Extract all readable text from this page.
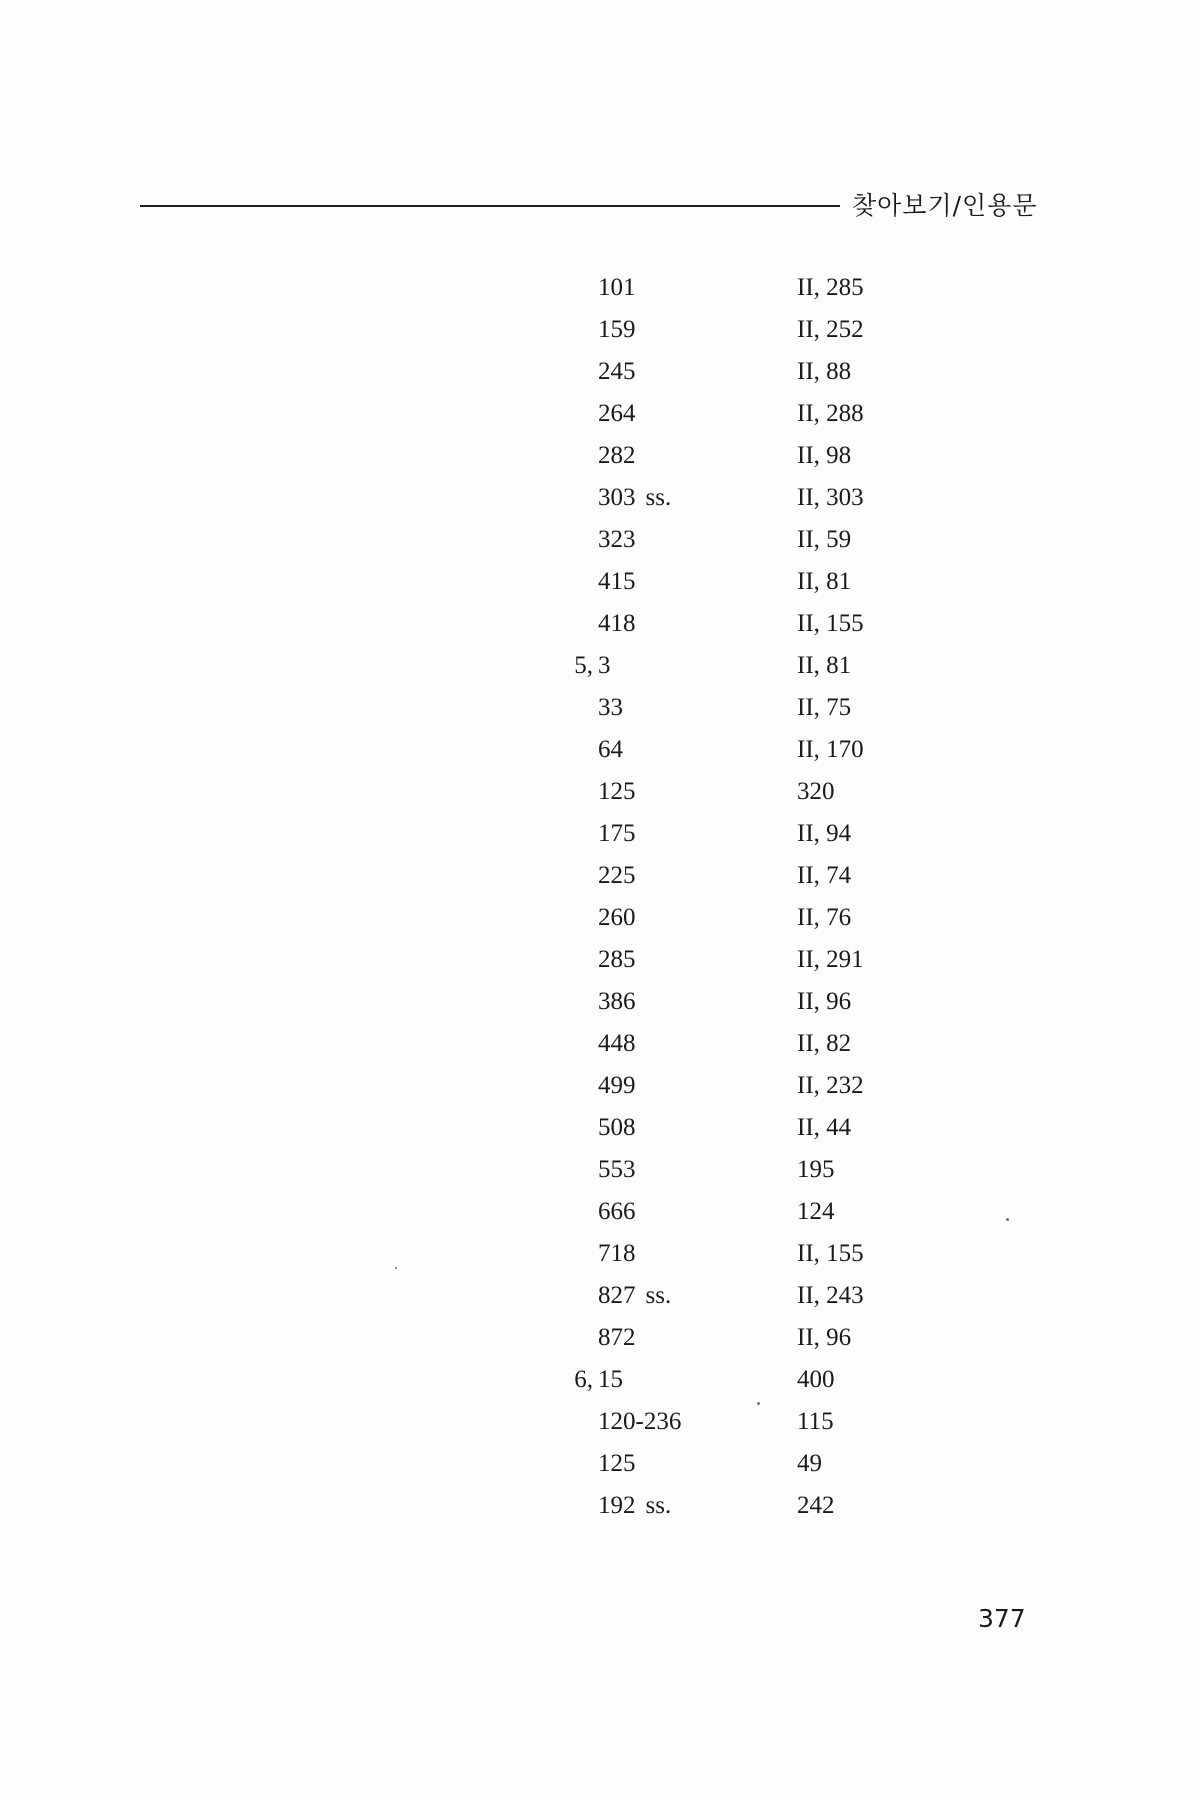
찾아보기/인용문
101	II, 285
159	II, 252
245	II, 88
264	II, 288
282	II, 98
303 ss.	II, 303
323	II, 59
415	II, 81
418	II, 155
5, 3	II, 81
33	II, 75
64	II, 170
125	320
175	II, 94
225	II, 74
260	II, 76
285	II, 291
386	II, 96
448	II, 82
499	II, 232
508	II, 44
553	195
666	124
718	II, 155
827 ss.	II, 243
872	II, 96
6, 15	400
120-236	115
125	49
192 ss.	242
377
